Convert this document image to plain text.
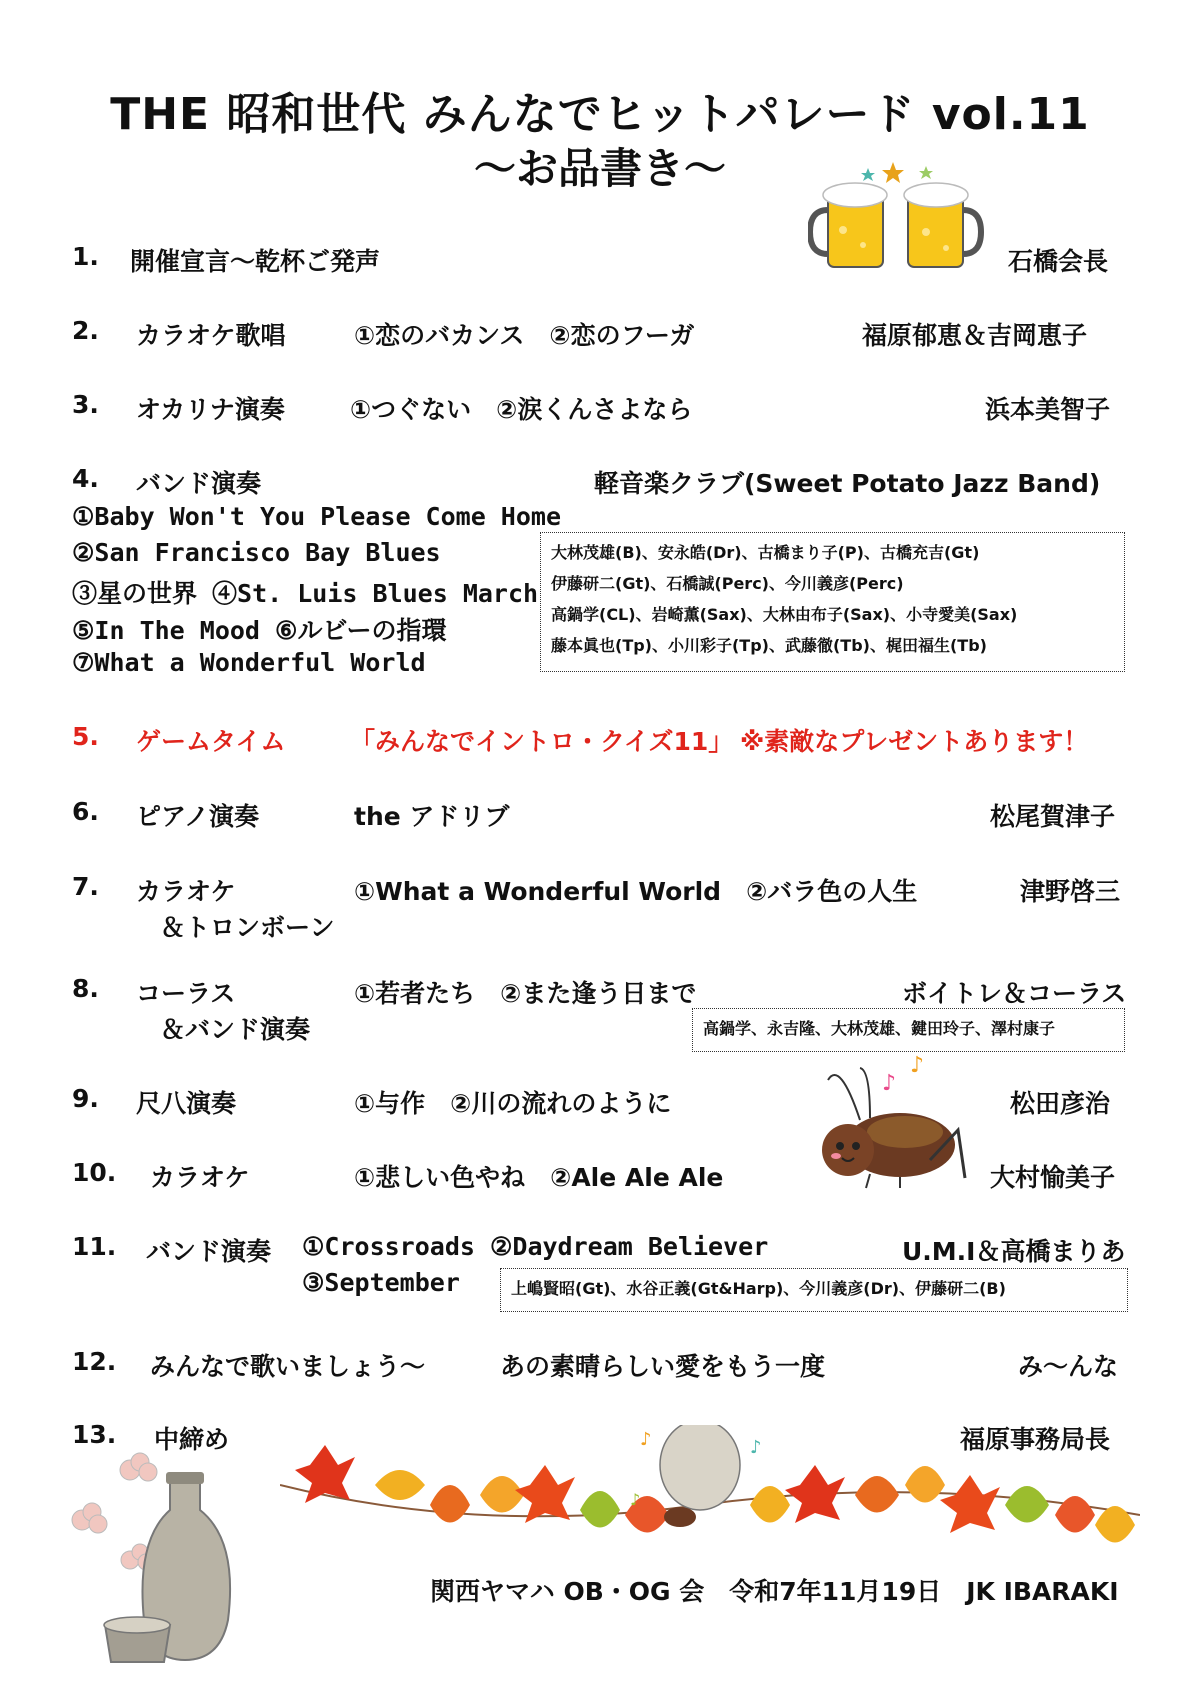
THE 昭和世代 みんなでヒットパレード vol.11
～お品書き～
1. 開催宣言～乾杯ご発声	石橋会長
2. カラオケ歌唱	①恋のバカンス　②恋のフーガ	福原郁恵＆吉岡恵子
3. オカリナ演奏	①つぐない　②涙くんさよなら	浜本美智子
4. バンド演奏	軽音楽クラブ(Sweet Potato Jazz Band)
①Baby Won't You Please Come Home
②San Francisco Bay Blues
③星の世界 ④St. Luis Blues March
⑤In The Mood ⑥ルビーの指環
⑦What a Wonderful World
大林茂雄(B)、安永皓(Dr)、古橋まり子(P)、古橋充吉(Gt)
伊藤研二(Gt)、石橋誠(Perc)、今川義彦(Perc)
高鍋学(CL)、岩崎薫(Sax)、大林由布子(Sax)、小寺愛美(Sax)
藤本眞也(Tp)、小川彩子(Tp)、武藤徹(Tb)、梶田福生(Tb)
5. ゲームタイム	「みんなでイントロ・クイズ11」 ※素敵なプレゼントあります！
6. ピアノ演奏	the アドリブ	松尾賀津子
7. カラオケ
＆トロンボーン
①What a Wonderful World　②バラ色の人生	津野啓三
8. コーラス
＆バンド演奏
①若者たち　②また逢う日まで	ボイトレ＆コーラス
高鍋学、永吉隆、大林茂雄、鍵田玲子、澤村康子
♪
♪
9. 尺八演奏	①与作　②川の流れのように	松田彦治
10. カラオケ	①悲しい色やね　②Ale Ale Ale	大村愉美子
11. バンド演奏 ①Crossroads ②Daydream Believer
③September
U.M.I＆高橋まりあ
上嶋賢昭(Gt)、水谷正義(Gt&Harp)、今川義彦(Dr)、伊藤研二(B)
12. みんなで歌いましょう～	あの素晴らしい愛をもう一度	み～んな
13. 中締め	福原事務局長
♪	♪
♪
関西ヤマハ OB・OG 会　令和7年11月19日　JK IBARAKI
